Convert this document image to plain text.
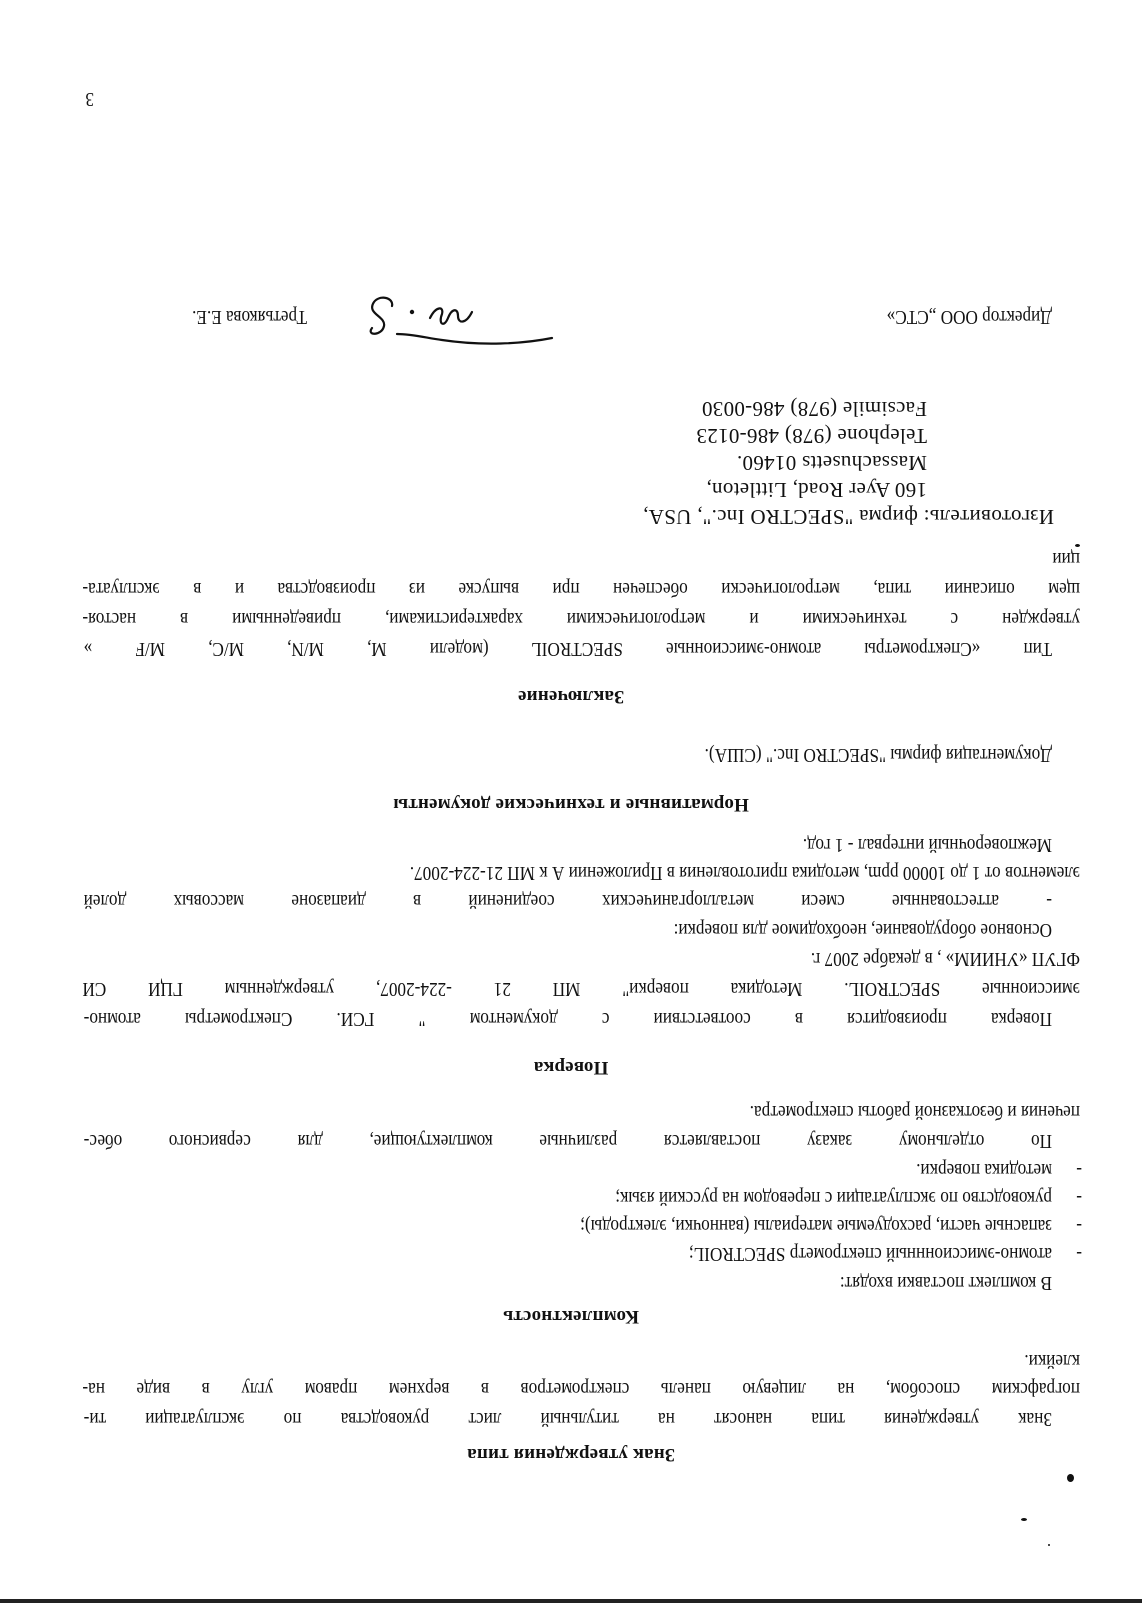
Знак утверждения типа
Знак утверждения типа наносят на титульный лист руководства по эксплуатации ти-
пографским способом, на лицевую панель спектрометров в верхнем правом углу в виде на-
клейки.
Комплектность
В комплект поставки входят:
-
атомно-эмиссионнный спектрометр SPECTROIL;
-
запасные части, расходуемые материалы (ванночки, электроды);
-
руководство по эксплуатации с переводом на русский язык;
-
методика поверки.
По отдельному заказу поставляется различные комплектующие, для сервисного обес-
печения и безотказной работы спектрометра.
Поверка
Поверка производится в соответствии с документом " ГСИ. Спектрометры атомно-
эмиссионные SPECTROIL. Методика поверки" МП 21 -224-2007, утвержденным ГЦИ СИ
ФГУП «УНИИМ» , в декабре 2007 г.
Основное оборудование, необходимое для поверки:
- аттестованные смеси металлорганических соединений в диапазоне массовых долей
элементов от 1 до 10000 ppm, методика приготовления в Приложении А к МП 21-224-2007.
Межповерочный интервал - 1 год.
Нормативные и технические документы
Документация фирмы "SPECTRO Inc." (США).
Заключение
Тип «Спектрометры атомно-эмиссионные SPECTROIL (модели M, M/N, M/C, M/F »
утвержден с техническими и метрологическими характеристиками, приведенными в настоя-
щем описании типа, метрологически обеспечен при выпуске из производства и в эксплуата-
ции
Изготовитель: фирма "SPECTRO Inc.", USA,
160 Ayer Road, Littleton,
Massachusetts 01460.
Telephone (978) 486-0123
Facsimile (978) 486-0030
Директор ООО „СТС»
Третьякова Е.Е.
3
